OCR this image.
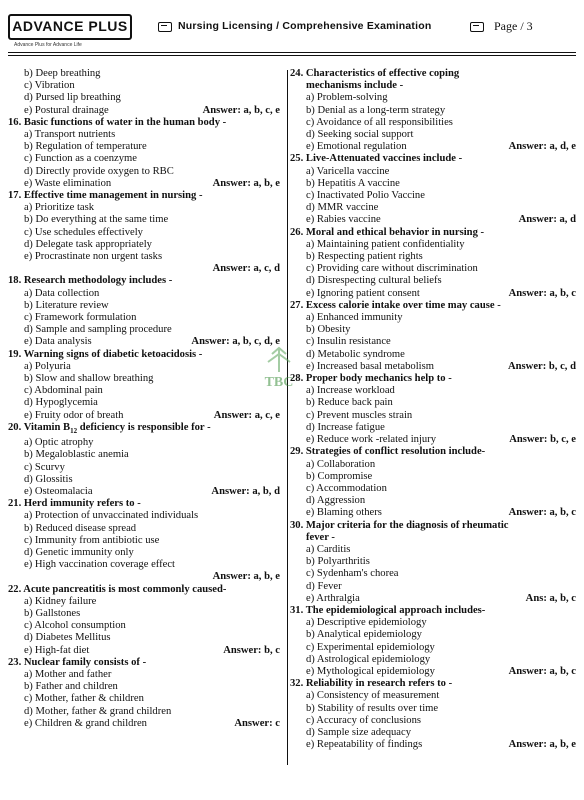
ADVANCE PLUS
Advance Plus for Advance Life
Nursing Licensing / Comprehensive Examination	Page / 3
TBC
b) Deep breathing
c) Vibration
d) Pursed lip breathing
e) Postural drainage	Answer: a, b, c, e
16. Basic functions of water in the human body -
a) Transport nutrients
b) Regulation of temperature
c) Function as a coenzyme
d) Directly provide oxygen to RBC
e) Waste elimination	Answer: a, b, e
17. Effective time management in nursing -
a) Prioritize task
b) Do everything at the same time
c) Use schedules effectively
d) Delegate task appropriately
e) Procrastinate non urgent tasks
Answer: a, c, d
18. Research methodology includes -
a) Data collection
b) Literature review
c) Framework formulation
d) Sample and sampling procedure
e) Data analysis	Answer: a, b, c, d, e
19. Warning signs of diabetic ketoacidosis -
a) Polyuria
b) Slow and shallow breathing
c) Abdominal pain
d) Hypoglycemia
e) Fruity odor of breath	Answer: a, c, e
20. Vitamin $B_{12}$ deficiency is responsible for -
a) Optic atrophy
b) Megaloblastic anemia
c) Scurvy
d) Glossitis
e) Osteomalacia	Answer: a, b, d
21. Herd immunity refers to -
a) Protection of unvaccinated individuals
b) Reduced disease spread
c) Immunity from antibiotic use
d) Genetic immunity only
e) High vaccination coverage effect
Answer: a, b, e
22. Acute pancreatitis is most commonly caused-
a) Kidney failure
b) Gallstones
c) Alcohol consumption
d) Diabetes Mellitus
e) High-fat diet	Answer: b, c
23. Nuclear family consists of -
a) Mother and father
b) Father and children
c) Mother, father & children
d) Mother, father & grand children
e) Children & grand children	Answer: c
24. Characteristics of effective coping
mechanisms include -
a) Problem-solving
b) Denial as a long-term strategy
c) Avoidance of all responsibilities
d) Seeking social support
e) Emotional regulation	Answer: a, d, e
25. Live-Attenuated vaccines include -
a) Varicella vaccine
b) Hepatitis A vaccine
c) Inactivated Polio Vaccine
d) MMR vaccine
e) Rabies vaccine	Answer: a, d
26. Moral and ethical behavior in nursing -
a) Maintaining patient confidentiality
b) Respecting patient rights
c) Providing care without discrimination
d) Disrespecting cultural beliefs
e) Ignoring patient consent	Answer: a, b, c
27. Excess calorie intake over time may cause -
a) Enhanced immunity
b) Obesity
c) Insulin resistance
d) Metabolic syndrome
e) Increased basal metabolism	Answer: b, c, d
28. Proper body mechanics help to -
a) Increase workload
b) Reduce back pain
c) Prevent muscles strain
d) Increase fatigue
e) Reduce work -related injury	Answer: b, c, e
29. Strategies of conflict resolution include-
a) Collaboration
b) Compromise
c) Accommodation
d) Aggression
e) Blaming others	Answer: a, b, c
30. Major criteria for the diagnosis of rheumatic
fever -
a) Carditis
b) Polyarthritis
c) Sydenham's chorea
d) Fever
e) Arthralgia	Ans: a, b, c
31. The epidemiological approach includes-
a) Descriptive epidemiology
b) Analytical epidemiology
c) Experimental epidemiology
d) Astrological epidemiology
e) Mythological epidemiology	Answer: a, b, c
32. Reliability in research refers to -
a) Consistency of measurement
b) Stability of results over time
c) Accuracy of conclusions
d) Sample size adequacy
e) Repeatability of findings	Answer: a, b, e
